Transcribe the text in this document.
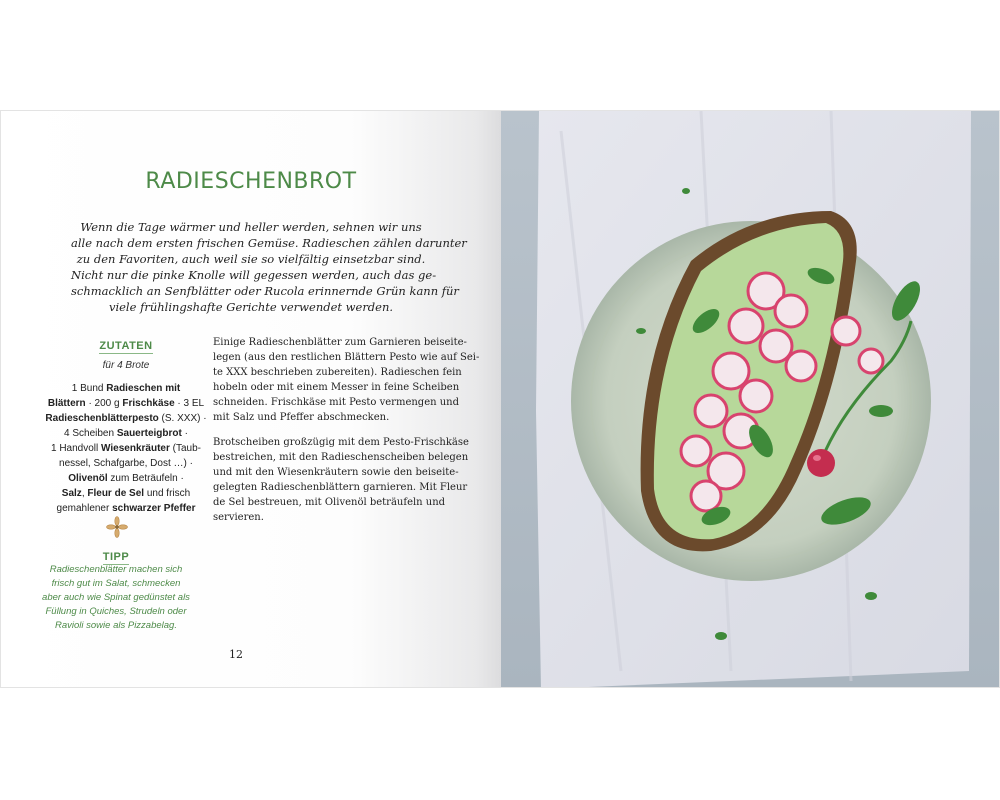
RADIESCHENBROT
Wenn die Tage wärmer und heller werden, sehnen wir uns
alle nach dem ersten frischen Gemüse. Radieschen zählen darunter
zu den Favoriten, auch weil sie so vielfältig einsetzbar sind.
Nicht nur die pinke Knolle will gegessen werden, auch das ge-
schmacklich an Senfblätter oder Rucola erinnernde Grün kann für
viele frühlingshafte Gerichte verwendet werden.
ZUTATEN
für 4 Brote
1 Bund Radieschen mit
Blättern · 200 g Frischkäse · 3 EL
Radieschenblätterpesto (S. XXX) ·
4 Scheiben Sauerteigbrot ·
1 Handvoll Wiesenkräuter (Taub-
nessel, Schafgarbe, Dost …) ·
Olivenöl zum Beträufeln ·
Salz, Fleur de Sel und frisch
gemahlener schwarzer Pfeffer
TIPP
Radieschenblätter machen sich
frisch gut im Salat, schmecken
aber auch wie Spinat gedünstet als
Füllung in Quiches, Strudeln oder
Ravioli sowie als Pizzabelag.

Einige Radieschenblätter zum Garnieren beiseite-
legen (aus den restlichen Blättern Pesto wie auf Sei-
te XXX beschrieben zubereiten). Radieschen fein
hobeln oder mit einem Messer in feine Scheiben
schneiden. Frischkäse mit Pesto vermengen und
mit Salz und Pfeffer abschmecken.

Brotscheiben großzügig mit dem Pesto-Frischkäse
bestreichen, mit den Radieschenscheiben belegen
und mit den Wiesenkräutern sowie den beiseite-
gelegten Radieschenblättern garnieren. Mit Fleur
de Sel bestreuen, mit Olivenöl beträufeln und
servieren.

12
